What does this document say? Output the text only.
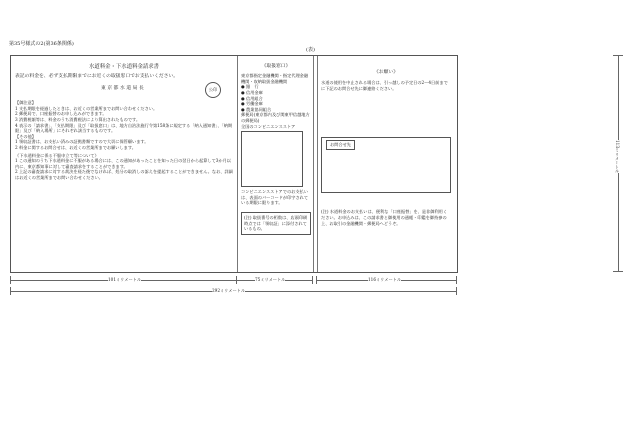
第35号様式の2(第36条関係)
(表)
水道料金・下水道料金請求書
表記の料金を、必ず支払期限までにお近くの取扱窓口でお支払いください。
東 京 都 水 道 局 長	公印
【御注意】
1 支払期限を経過したときは、お近くの営業所までお問い合わせください。
2 郵便局で、口座振替のお申し込みができます。
3 消費税額等は、料金のうち消費税法により算出されたものです。
4 表示の「請求書」、「支払期限」及び「取扱窓口」は、地方自治法施行令第158条に規定する「納入通知書」、「納期限」及び「納入場所」にそれぞれ該当するものです。
【その他】
1 領収証書は、お支払い済みの証拠書類ですので大切に保管願います。
2 料金に関するお問合せは、お近くの営業所までお願いします。
《下水道料金に係る不服申立て等について》
1 この通知のうち下水道料金に不服がある場合には、この通知があったことを知った日の翌日から起算して3か月以内に、東京都知事に対して審査請求をすることができます。
2 上記の審査請求に対する裁決を経た後でなければ、処分の取消しの訴えを提起することができません。なお、詳細はお近くの営業所までお問い合わせください。
《取扱窓口》
東京都指定金融機関・指定代理金融機関・収納取扱金融機関
● 銀　行
● 信用金庫
● 信用組合
● 労働金庫
● 農業協同組合
郵便局(東京都内及び関東甲信越地方の郵便局)
全国のコンビニエンスストア
コンビニエンスストアでのお支払いは、表面のバーコードが印字されている期限に限ります。
(注) 取扱番号の桁数は、店頭印刷時点では「領収証」に添付されているもの。
《お願い》
水道の使用を中止される場合は、引っ越しの予定日の2～4日前までに下記のお問合せ先に御連絡ください。
お問合せ先
(注) 水道料金のお支払いは、便利な「口座振替」を、是非御利用ください。お申込みは、この請求書と御使用の通帳・印鑑を御持参の上、お取引の金融機関・郵便局へどうぞ。
101ミリメートル	75ミリメートル	116ミリメートル
292ミリメートル
113ミリメートル
